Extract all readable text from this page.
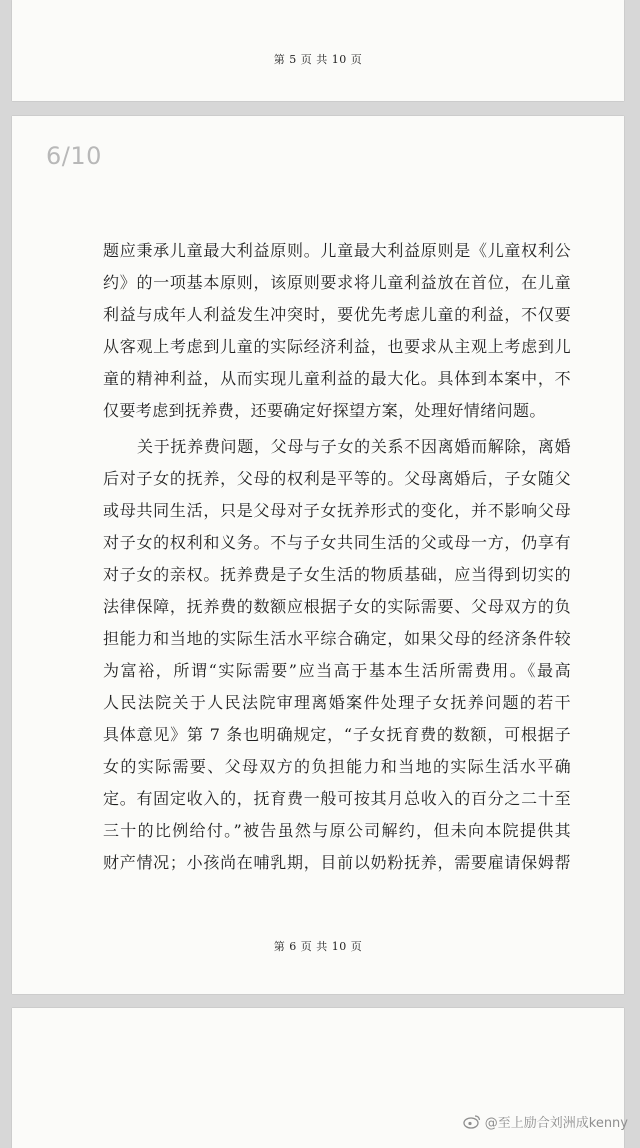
第 5 页 共 10 页
6/10
题应秉承儿童最大利益原则。儿童最大利益原则是《儿童权利公
约》的一项基本原则，该原则要求将儿童利益放在首位，在儿童
利益与成年人利益发生冲突时，要优先考虑儿童的利益，不仅要
从客观上考虑到儿童的实际经济利益，也要求从主观上考虑到儿
童的精神利益，从而实现儿童利益的最大化。具体到本案中，不
仅要考虑到抚养费，还要确定好探望方案，处理好情绪问题。
关于抚养费问题，父母与子女的关系不因离婚而解除，离婚
后对子女的抚养，父母的权利是平等的。父母离婚后，子女随父
或母共同生活，只是父母对子女抚养形式的变化，并不影响父母
对子女的权利和义务。不与子女共同生活的父或母一方，仍享有
对子女的亲权。抚养费是子女生活的物质基础，应当得到切实的
法律保障，抚养费的数额应根据子女的实际需要、父母双方的负
担能力和当地的实际生活水平综合确定，如果父母的经济条件较
为富裕，所谓“实际需要”应当高于基本生活所需费用。《最高
人民法院关于人民法院审理离婚案件处理子女抚养问题的若干
具体意见》第 7 条也明确规定，“子女抚育费的数额，可根据子
女的实际需要、父母双方的负担能力和当地的实际生活水平确
定。有固定收入的，抚育费一般可按其月总收入的百分之二十至
三十的比例给付。”被告虽然与原公司解约，但未向本院提供其
财产情况；小孩尚在哺乳期，目前以奶粉抚养，需要雇请保姆帮
第 6 页 共 10 页
@至上励合刘洲成kenny
